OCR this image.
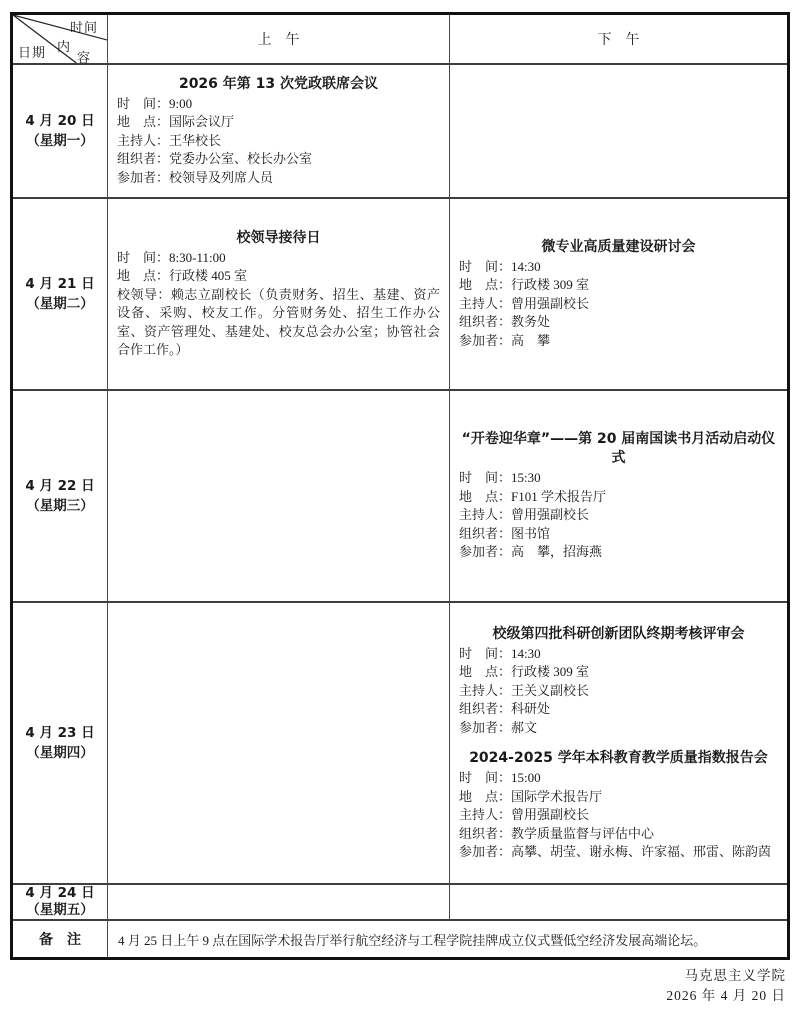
时间
内
容
日期
上　午	下　午
4 月 20 日
（星期一）
2026 年第 13 次党政联席会议
时　间：9:00
地　点：国际会议厅
主持人：王华校长
组织者：党委办公室、校长办公室
参加者：校领导及列席人员
4 月 21 日
（星期二）
校领导接待日
时　间：8:30-11:00
地　点：行政楼 405 室
校领导：赖志立副校长（负责财务、招生、基建、资产设备、采购、校友工作。分管财务处、招生工作办公室、资产管理处、基建处、校友总会办公室；协管社会合作工作。）
微专业高质量建设研讨会
时　间：14:30
地　点：行政楼 309 室
主持人：曾用强副校长
组织者：教务处
参加者：高　攀
4 月 22 日
（星期三）
“开卷迎华章”——第 20 届南国读书月活动启动仪式
时　间：15:30
地　点：F101 学术报告厅
主持人：曾用强副校长
组织者：图书馆
参加者：高　攀，招海燕
4 月 23 日
（星期四）
校级第四批科研创新团队终期考核评审会
时　间：14:30
地　点：行政楼 309 室
主持人：王关义副校长
组织者：科研处
参加者：郝文
2024-2025 学年本科教育教学质量指数报告会
时　间：15:00
地　点：国际学术报告厅
主持人：曾用强副校长
组织者：教学质量监督与评估中心
参加者：高攀、胡莹、谢永梅、许家福、邢雷、陈韵茵
4 月 24 日
（星期五）
备　注	4 月 25 日上午 9 点在国际学术报告厅举行航空经济与工程学院挂牌成立仪式暨低空经济发展高端论坛。
马克思主义学院
2026 年 4 月 20 日
